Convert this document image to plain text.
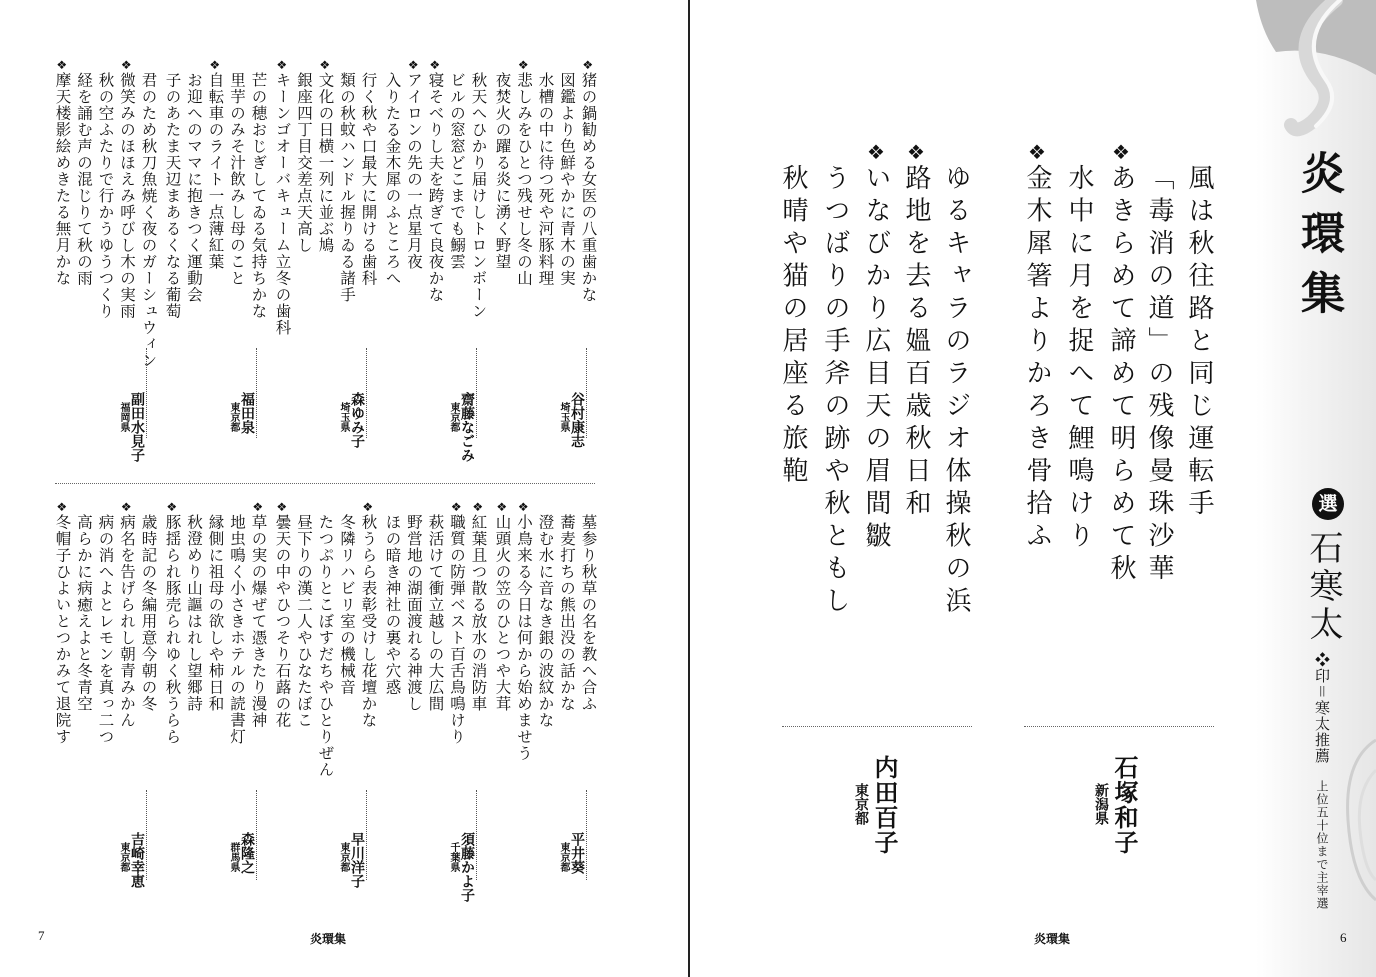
7	炎環集
❖
猪の鍋勧める女医の八重歯かな
図鑑より色鮮やかに青木の実
水槽の中に待つ死や河豚料理
❖
悲しみをひとつ残せし冬の山
夜焚火の躍る炎に湧く野望
谷村康志
埼玉県
秋天へひかり届けしトロンボーン
ビルの窓窓どこまでも鰯雲
❖
寝そべりし夫を跨ぎて良夜かな
❖
アイロンの先の一点星月夜
入りたる金木犀のふところへ
齋藤なごみ
東京都
行く秋や口最大に開ける歯科
類の秋蚊ハンドル握りゐる諸手
❖
文化の日横一列に並ぶ鳩
銀座四丁目交差点天高し
❖
キーンゴオーバキューム立冬の歯科
森ゆみ子
埼玉県
芒の穂おじぎしてゐる気持ちかな
里芋のみそ汁飲みし母のこと
❖
自転車のライト一点薄紅葉
お迎へのママに抱きつく運動会
子のあたま天辺まあるくなる葡萄
福田泉
東京都
君のため秋刀魚焼く夜のガーシュウィン
❖
微笑みのほほえみ呼びし木の実雨
秋の空ふたりで行かうゆうつくり
経を誦む声の混じりて秋の雨
❖
摩天楼影絵めきたる無月かな
副田水見子
福岡県
墓参り秋草の名を教へ合ふ
蕎麦打ちの熊出没の話かな
澄む水に音なき銀の波紋かな
❖
小鳥来る今日は何から始めませう
❖
山頭火の笠のひとつや大茸
平井葵
東京都
❖
紅葉且つ散る放水の消防車
❖
職質の防弾ベスト百舌鳥鳴けり
萩活けて衝立越しの大広間
野営地の湖面渡れる神渡し
ほの暗き神社の裏や穴惑
須藤かよ子
千葉県
❖
秋うらら表彰受けし花壇かな
冬隣リハビリ室の機械音
たつぷりとこぼすだちやひとりぜん
昼下りの漢二人やひなたぼこ
❖
曇天の中やひつそり石蕗の花
早川洋子
東京都
❖
草の実の爆ぜて憑きたり漫神
地虫鳴く小さきホテルの読書灯
縁側に祖母の欲しや柿日和
秋澄めり山謳はれし望郷詩
❖
豚揺られ豚売られゆく秋うらら
森隆之
群馬県
歳時記の冬編用意今朝の冬
❖
病名を告げられし朝青みかん
病の消へよとレモンを真っ二つ
高らかに病癒えよと冬青空
❖
冬帽子ひよいとつかみて退院す
吉崎幸恵
東京都
炎環集
選
石寒太
❖印＝寒太推薦　上位五十位まで主宰選
炎環集	6
風は秋往路と同じ運転手
「毒消の道」の残像曼珠沙華
❖
あきらめて諦めて明らめて秋
水中に月を捉へて鯉鳴けり
❖
金木犀箸よりかろき骨拾ふ
石塚和子
新潟県
ゆるキャラのラジオ体操秋の浜
❖
路地を去る媼百歳秋日和
❖
いなびかり広目天の眉間皺
うつばりの手斧の跡や秋ともし
秋晴や猫の居座る旅鞄
内田百子
東京都
